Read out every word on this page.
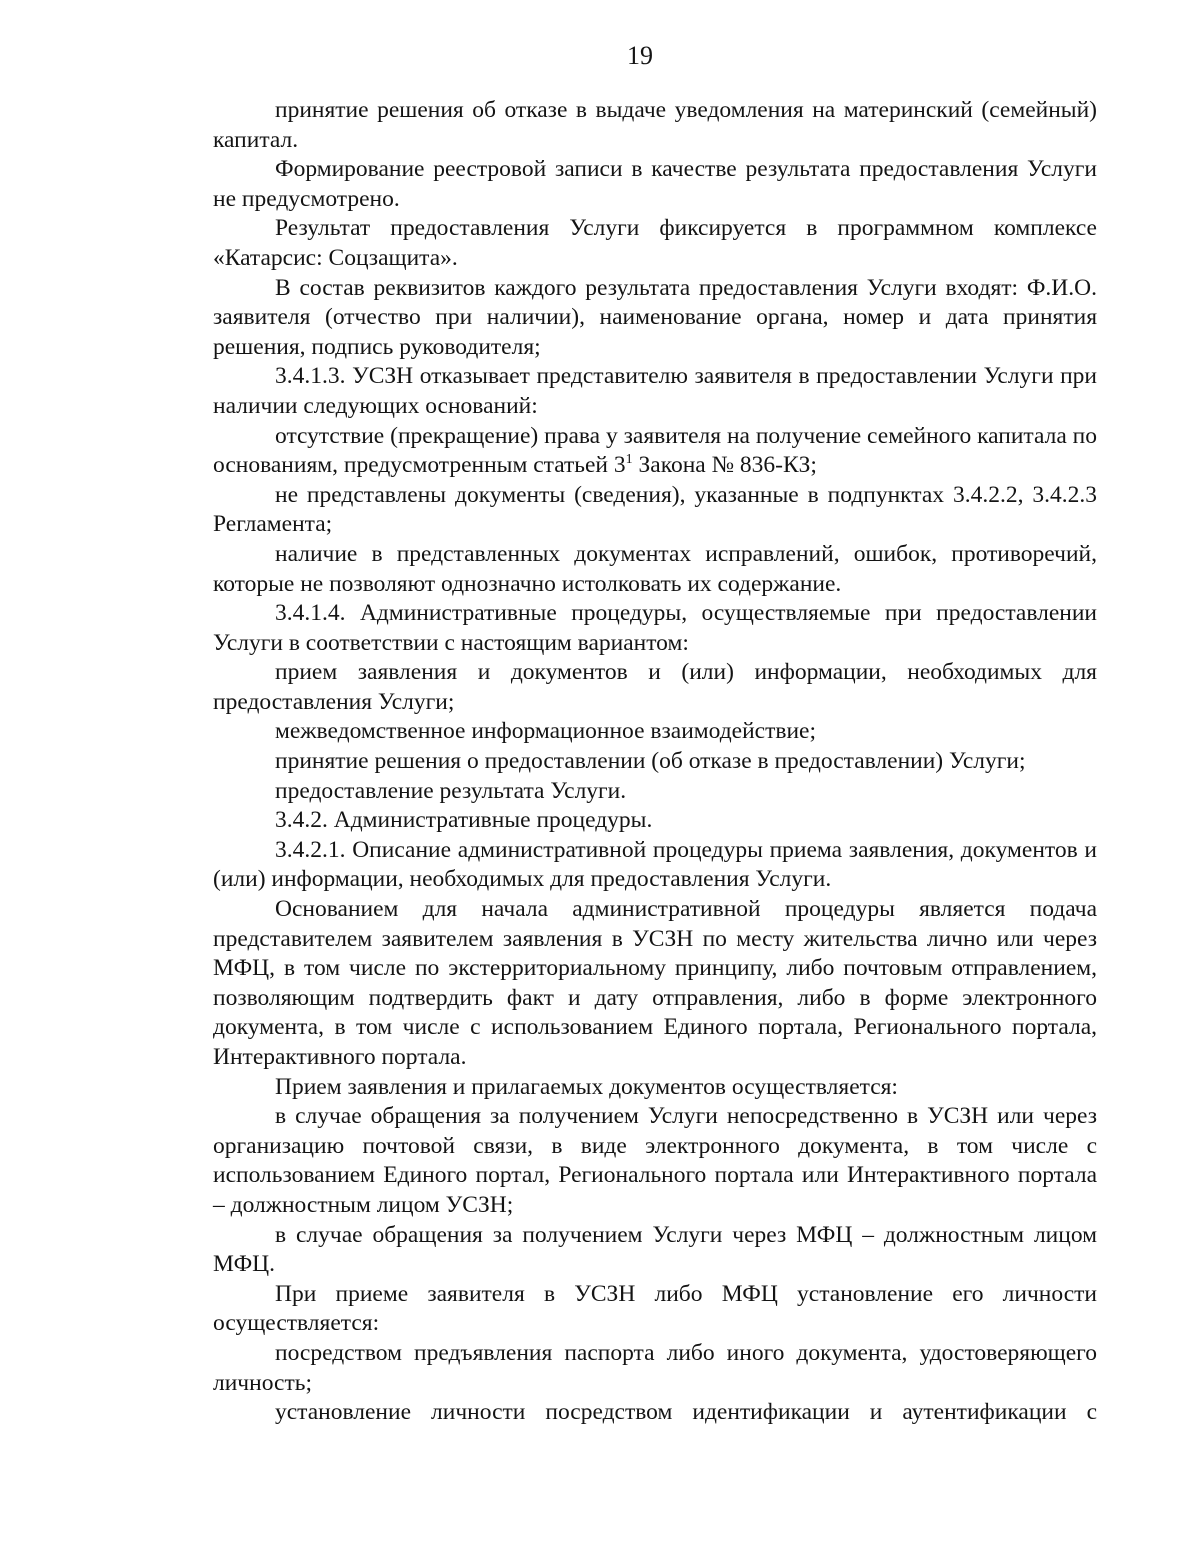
19

принятие решения об отказе в выдаче уведомления на материнский (семейный) капитал.

Формирование реестровой записи в качестве результата предоставления Услуги не предусмотрено.

Результат предоставления Услуги фиксируется в программном комплексе «Катарсис: Соцзащита».

В состав реквизитов каждого результата предоставления Услуги входят: Ф.И.О. заявителя (отчество при наличии), наименование органа, номер и дата принятия решения, подпись руководителя;

3.4.1.3. УСЗН отказывает представителю заявителя в предоставлении Услуги при наличии следующих оснований:

отсутствие (прекращение) права у заявителя на получение семейного капитала по основаниям, предусмотренным статьей $3^1$ Закона № 836-КЗ;

не представлены документы (сведения), указанные в подпунктах 3.4.2.2, 3.4.2.3 Регламента;

наличие в представленных документах исправлений, ошибок, противоречий, которые не позволяют однозначно истолковать их содержание.

3.4.1.4. Административные процедуры, осуществляемые при предоставлении Услуги в соответствии с настоящим вариантом:

прием заявления и документов и (или) информации, необходимых для предоставления Услуги;

межведомственное информационное взаимодействие;

принятие решения о предоставлении (об отказе в предоставлении) Услуги;

предоставление результата Услуги.

3.4.2. Административные процедуры.

3.4.2.1. Описание административной процедуры приема заявления, документов и (или) информации, необходимых для предоставления Услуги.

Основанием для начала административной процедуры является подача представителем заявителем заявления в УСЗН по месту жительства лично или через МФЦ, в том числе по экстерриториальному принципу, либо почтовым отправлением, позволяющим подтвердить факт и дату отправления, либо в форме электронного документа, в том числе с использованием Единого портала, Регионального портала, Интерактивного портала.

Прием заявления и прилагаемых документов осуществляется:

в случае обращения за получением Услуги непосредственно в УСЗН или через организацию почтовой связи, в виде электронного документа, в том числе с использованием Единого портал, Регионального портала или Интерактивного портала – должностным лицом УСЗН;

в случае обращения за получением Услуги через МФЦ – должностным лицом МФЦ.

При приеме заявителя в УСЗН либо МФЦ установление его личности осуществляется:

посредством предъявления паспорта либо иного документа, удостоверяющего личность;

установление личности посредством идентификации и аутентификации с
